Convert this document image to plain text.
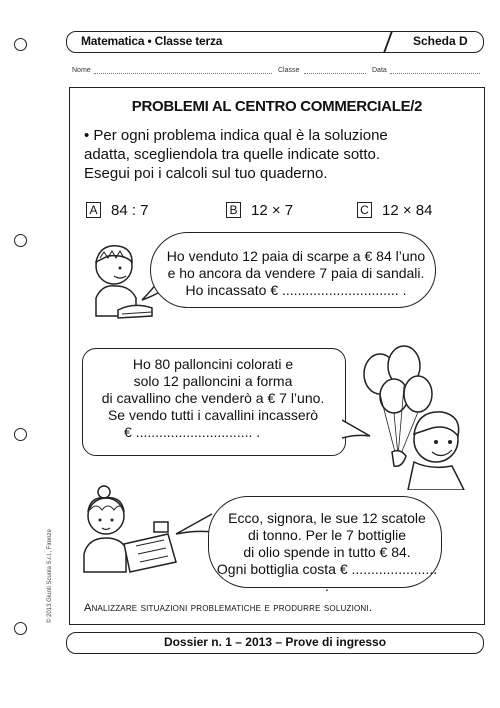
Matematica • Classe terza	Scheda D
Nome	Classe	Data
PROBLEMI AL CENTRO COMMERCIALE/2
• Per ogni problema indica qual è la soluzione
adatta, scegliendola tra quelle indicate sotto.
Esegui poi i calcoli sul tuo quaderno.
A 84 : 7	B 12 × 7	C 12 × 84
Ho venduto 12 paia di scarpe a € 84 l’uno
e ho ancora da vendere 7 paia di sandali.
Ho incassato € .............................. .
Ho 80 palloncini colorati e
solo 12 palloncini a forma
di cavallino che venderò a € 7 l’uno.
Se vendo tutti i cavallini incasserò
€ .............................. .
Ecco, signora, le sue 12 scatole
di tonno. Per le 7 bottiglie
di olio spende in tutto € 84.
Ogni bottiglia costa € ...................... .
Analizzare situazioni problematiche e produrre soluzioni.
© 2013 Giunti Scuola S.r.l., Firenze
Dossier n. 1 – 2013 – Prove di ingresso
